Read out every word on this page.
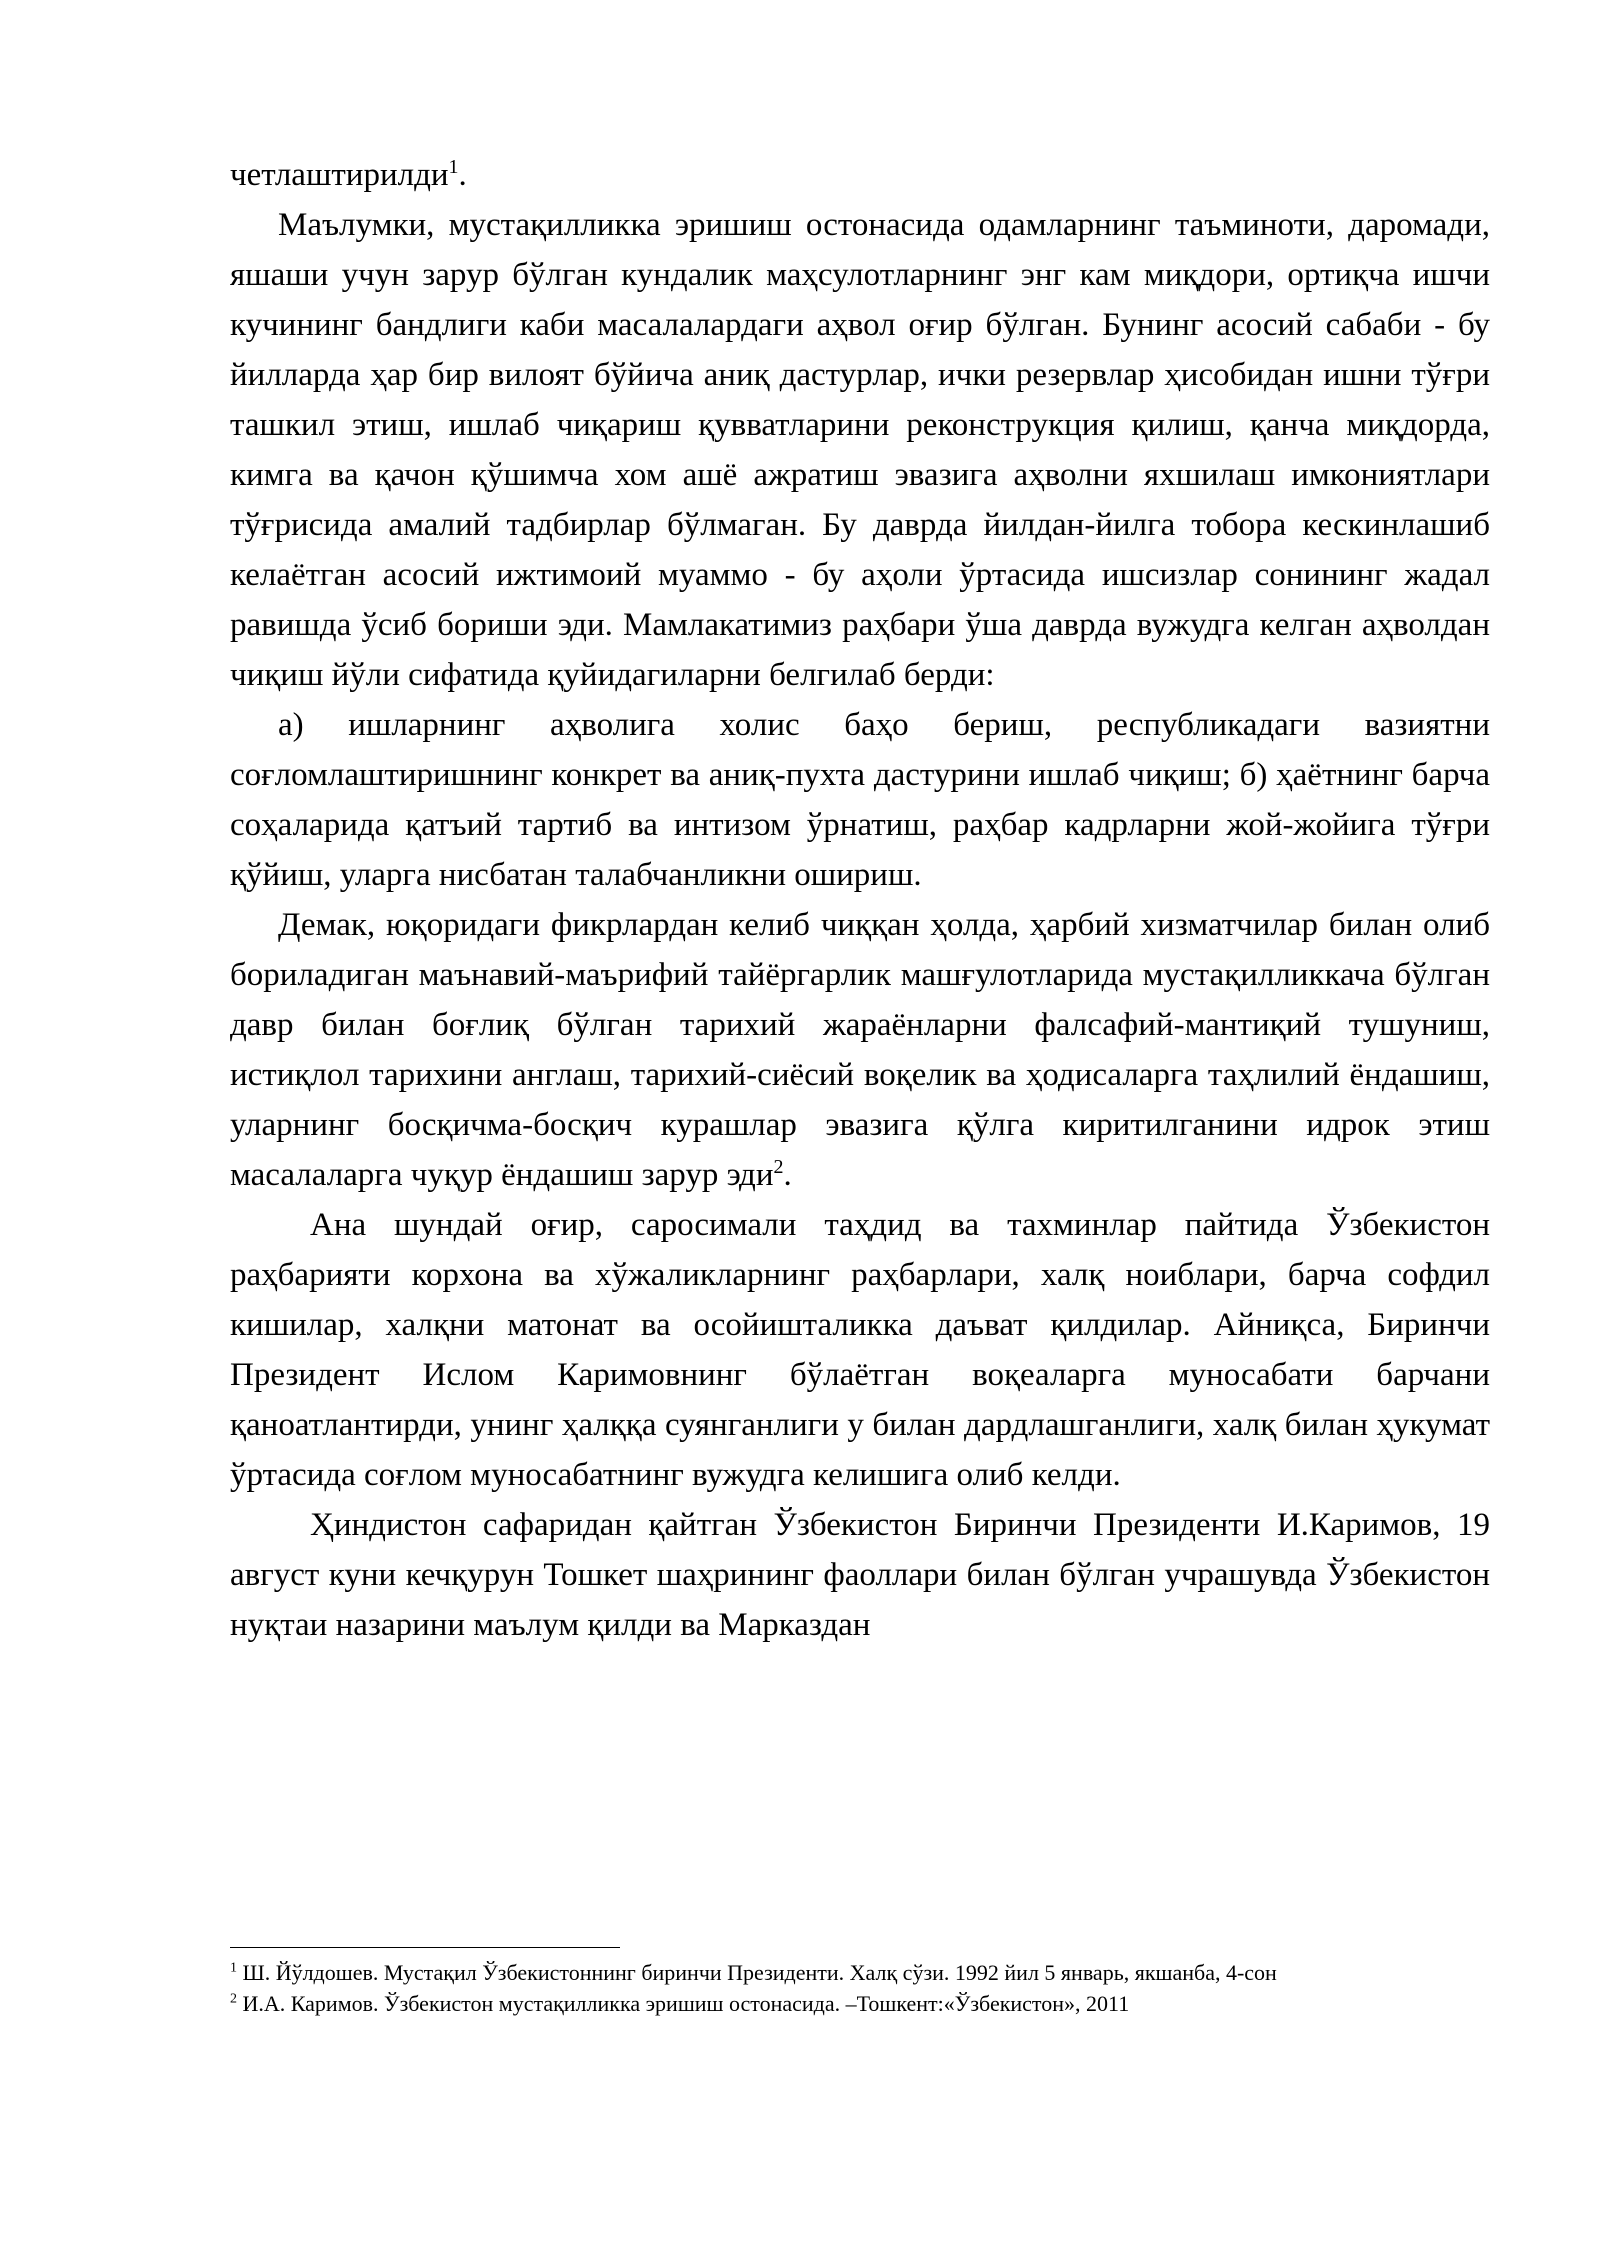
четлаштирилди$^1$.

Маълумки, мустақилликка эришиш остонасида одамларнинг таъминоти, даромади, яшаши учун зарур бўлган кундалик маҳсулотларнинг энг кам миқдори, ортиқча ишчи кучининг бандлиги каби масалалардаги аҳвол оғир бўлган. Бунинг асосий сабаби - бу йилларда ҳар бир вилоят бўйича аниқ дастурлар, ички резервлар ҳисобидан ишни тўғри ташкил этиш, ишлаб чиқариш қувватларини реконструкция қилиш, қанча миқдорда, кимга ва қачон қўшимча хом ашё ажратиш эвазига аҳволни яхшилаш имкониятлари тўғрисида амалий тадбирлар бўлмаган. Бу даврда йилдан-йилга тобора кескинлашиб келаётган асосий ижтимоий муаммо - бу аҳоли ўртасида ишсизлар сонининг жадал равишда ўсиб бориши эди. Мамлакатимиз раҳбари ўша даврда вужудга келган аҳволдан чиқиш йўли сифатида қуйидагиларни белгилаб берди:

а) ишларнинг аҳволига холис баҳо бериш, республикадаги вазиятни соғломлаштиришнинг конкрет ва аниқ-пухта дастурини ишлаб чиқиш; б) ҳаётнинг барча соҳаларида қатъий тартиб ва интизом ўрнатиш, раҳбар кадрларни жой-жойига тўғри қўйиш, уларга нисбатан талабчанликни ошириш.

Демак, юқоридаги фикрлардан келиб чиққан ҳолда, ҳарбий хизматчилар билан олиб бориладиган маънавий-маърифий тайёргарлик машғулотларида мустақилликкача бўлган давр билан боғлиқ бўлган тарихий жараёнларни фалсафий-мантиқий тушуниш, истиқлол тарихини англаш, тарихий-сиёсий воқелик ва ҳодисаларга таҳлилий ёндашиш, уларнинг босқичма-босқич курашлар эвазига қўлга киритилганини идрок этиш масалаларга чуқур ёндашиш зарур эди$^2$.

Ана шундай оғир, саросимали таҳдид ва тахминлар пайтида Ўзбекистон раҳбарияти корхона ва хўжаликларнинг раҳбарлари, халқ ноиблари, барча софдил кишилар, халқни матонат ва осойишталикка даъват қилдилар. Айниқса, Биринчи Президент Ислом Каримовнинг бўлаётган воқеаларга муносабати барчани қаноатлантирди, унинг ҳалққа суянганлиги у билан дардлашганлиги, халқ билан ҳукумат ўртасида соғлом муносабатнинг вужудга келишига олиб келди.

Ҳиндистон сафаридан қайтган Ўзбекистон Биринчи Президенти И.Каримов, 19 август куни кечқурун Тошкет шаҳрининг фаоллари билан бўлган учрашувда Ўзбекистон нуқтаи назарини маълум қилди ва Марказдан

$^1$ Ш. Йўлдошев. Мустақил Ўзбекистоннинг биринчи Президенти. Халқ сўзи. 1992 йил 5 январь, якшанба, 4-сон

$^2$ И.А. Каримов. Ўзбекистон мустақилликка эришиш остонасида. –Тошкент:«Ўзбекистон», 2011
